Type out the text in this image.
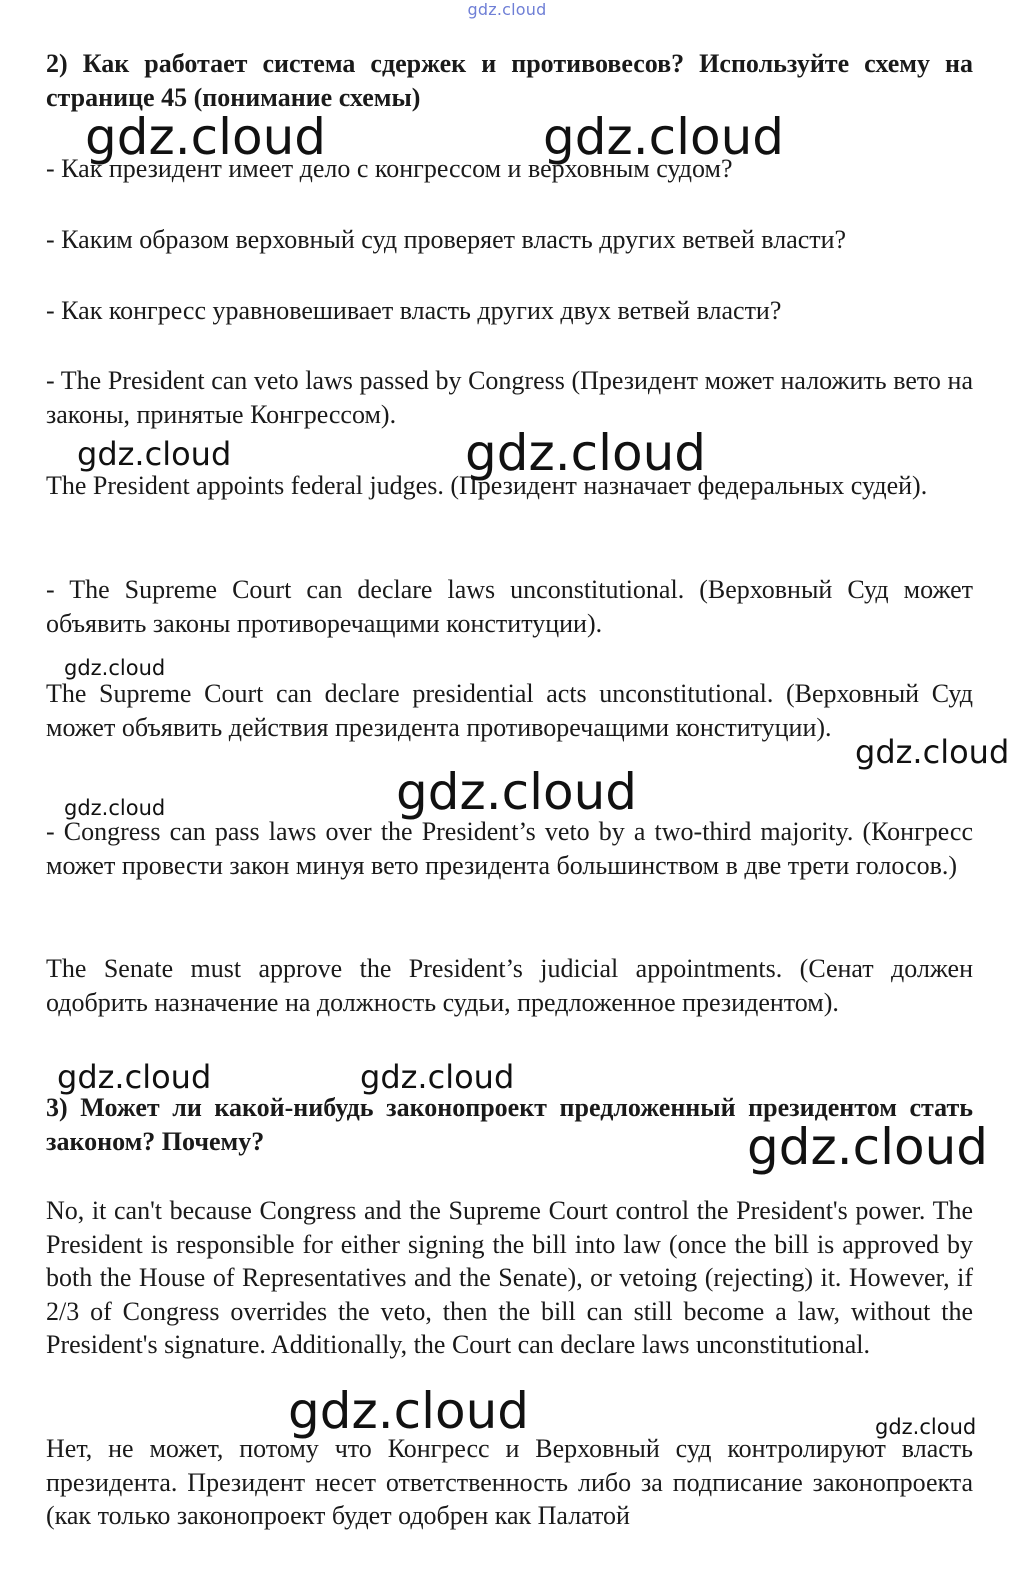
gdz.cloud

2) Как работает система сдержек и противовесов? Используйте схему на странице 45 (понимание схемы)

- Как президент имеет дело с конгрессом и верховным судом?

- Каким образом верховный суд проверяет власть других ветвей власти?

- Как конгресс уравновешивает власть других двух ветвей власти?

- The President can veto laws passed by Congress (Президент может наложить вето на законы, принятые Конгрессом).

The President appoints federal judges. (Президент назначает федеральных судей).

- The Supreme Court can declare laws unconstitutional. (Верховный Суд может объявить законы противоречащими конституции).

The Supreme Court can declare presidential acts unconstitutional. (Верховный Суд может объявить действия президента противоречащими конституции).

- Congress can pass laws over the President’s veto by a two-third majority. (Конгресс может провести закон минуя вето президента большинством в две трети голосов.)

The Senate must approve the President’s judicial appointments. (Сенат должен одобрить назначение на должность судьи, предложенное президентом).

3) Может ли какой-нибудь законопроект предложенный президентом стать законом? Почему?

No, it can't because Congress and the Supreme Court control the President's power. The President is responsible for either signing the bill into law (once the bill is approved by both the House of Representatives and the Senate), or vetoing (rejecting) it. However, if 2/3 of Congress overrides the veto, then the bill can still become a law, without the President's signature. Additionally, the Court can declare laws unconstitutional.

Нет, не может, потому что Конгресс и Верховный суд контролируют власть президента. Президент несет ответственность либо за подписание законопроекта (как только законопроект будет одобрен как Палатой

gdz.cloud	gdz.cloud
gdz.cloud	gdz.cloud
gdz.cloud
gdz.cloud
gdz.cloud
gdz.cloud
gdz.cloud	gdz.cloud
gdz.cloud
gdz.cloud	gdz.cloud
